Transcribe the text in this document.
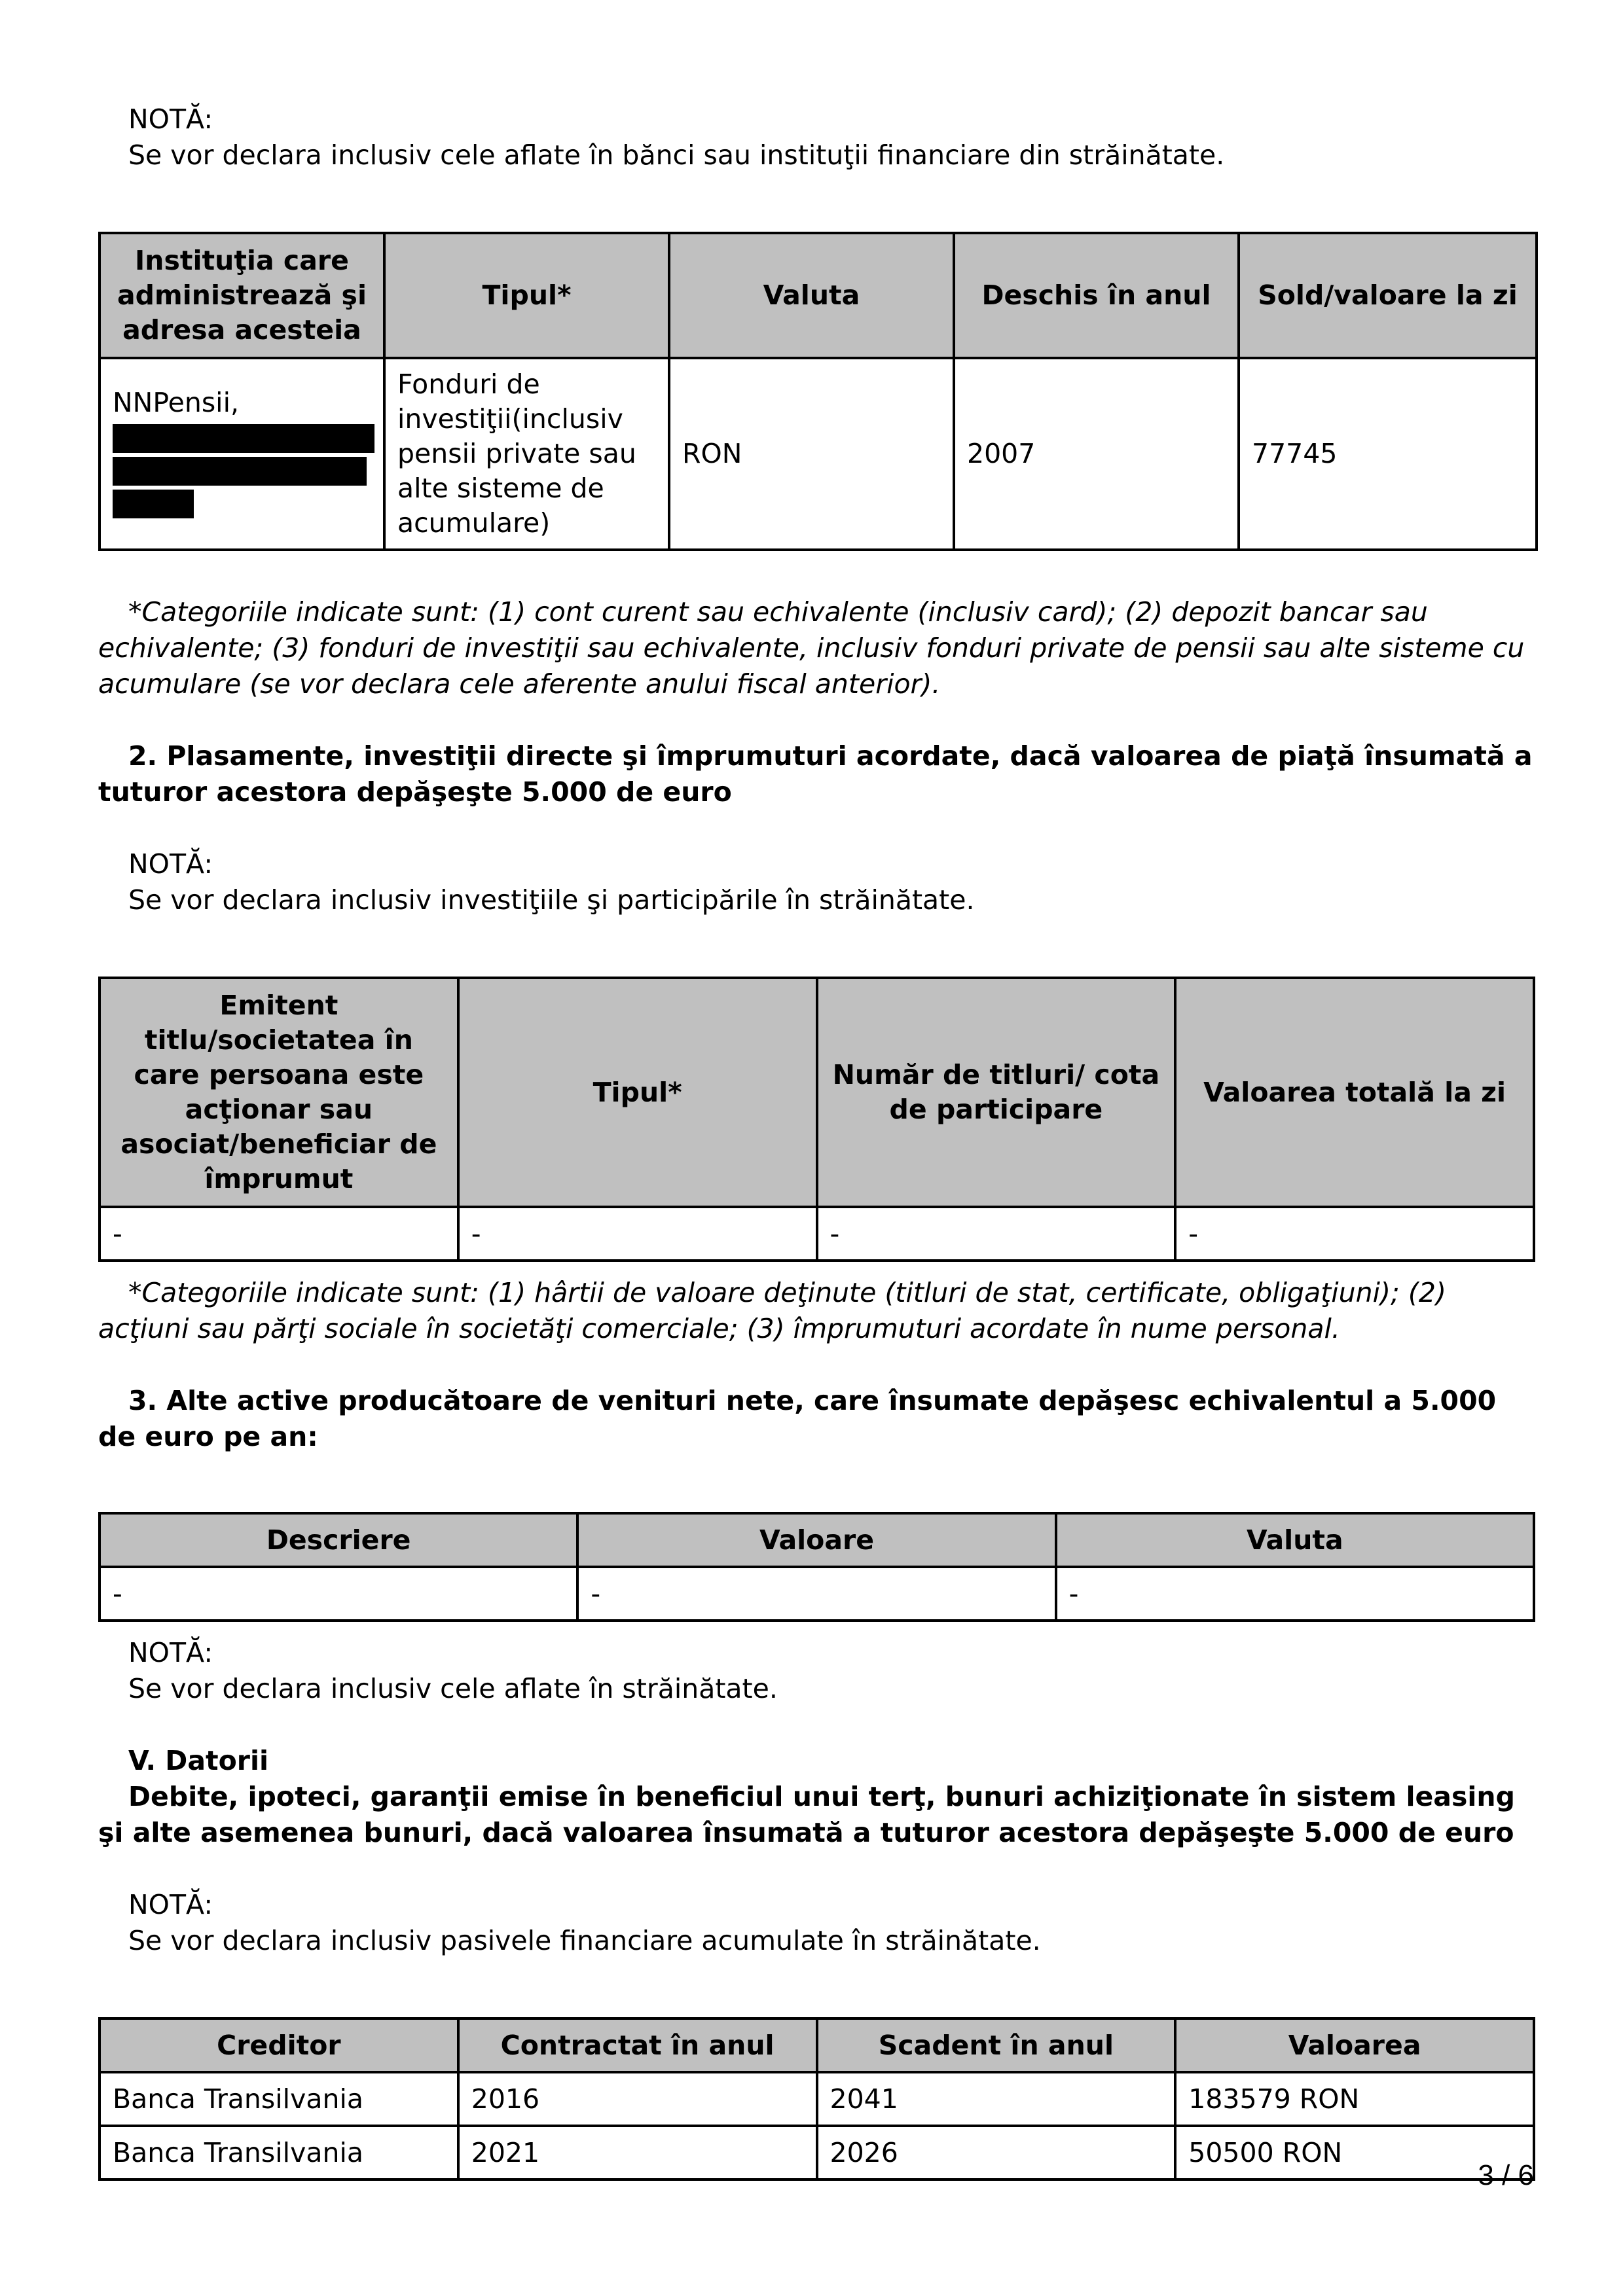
NOTĂ:

Se vor declara inclusiv cele aflate în bănci sau instituţii financiare din străinătate.

Instituţia care administrează şi adresa acesteia	Tipul*	Valuta	Deschis în anul	Sold/valoare la zi
NNPensii,	Fonduri de investiţii(inclusiv pensii private sau alte sisteme de acumulare)	RON	2007	77745

*Categoriile indicate sunt: (1) cont curent sau echivalente (inclusiv card); (2) depozit bancar sau echivalente; (3) fonduri de investiţii sau echivalente, inclusiv fonduri private de pensii sau alte sisteme cu acumulare (se vor declara cele aferente anului fiscal anterior).

2. Plasamente, investiţii directe şi împrumuturi acordate, dacă valoarea de piaţă însumată a tuturor acestora depăşeşte 5.000 de euro

NOTĂ:

Se vor declara inclusiv investiţiile şi participările în străinătate.

Emitent titlu/societatea în care persoana este acţionar sau asociat/beneficiar de împrumut	Tipul*	Număr de titluri/ cota de participare	Valoarea totală la zi
-	-	-	-

*Categoriile indicate sunt: (1) hârtii de valoare deţinute (titluri de stat, certificate, obligaţiuni); (2) acţiuni sau părţi sociale în societăţi comerciale; (3) împrumuturi acordate în nume personal.

3. Alte active producătoare de venituri nete, care însumate depăşesc echivalentul a 5.000 de euro pe an:

Descriere	Valoare	Valuta
-	-	-

NOTĂ:

Se vor declara inclusiv cele aflate în străinătate.

V. Datorii

Debite, ipoteci, garanţii emise în beneficiul unui terţ, bunuri achiziţionate în sistem leasing şi alte asemenea bunuri, dacă valoarea însumată a tuturor acestora depăşeşte 5.000 de euro

NOTĂ:

Se vor declara inclusiv pasivele financiare acumulate în străinătate.

Creditor	Contractat în anul	Scadent în anul	Valoarea
Banca Transilvania	2016	2041	183579 RON
Banca Transilvania	2021	2026	50500 RON
3 / 6
